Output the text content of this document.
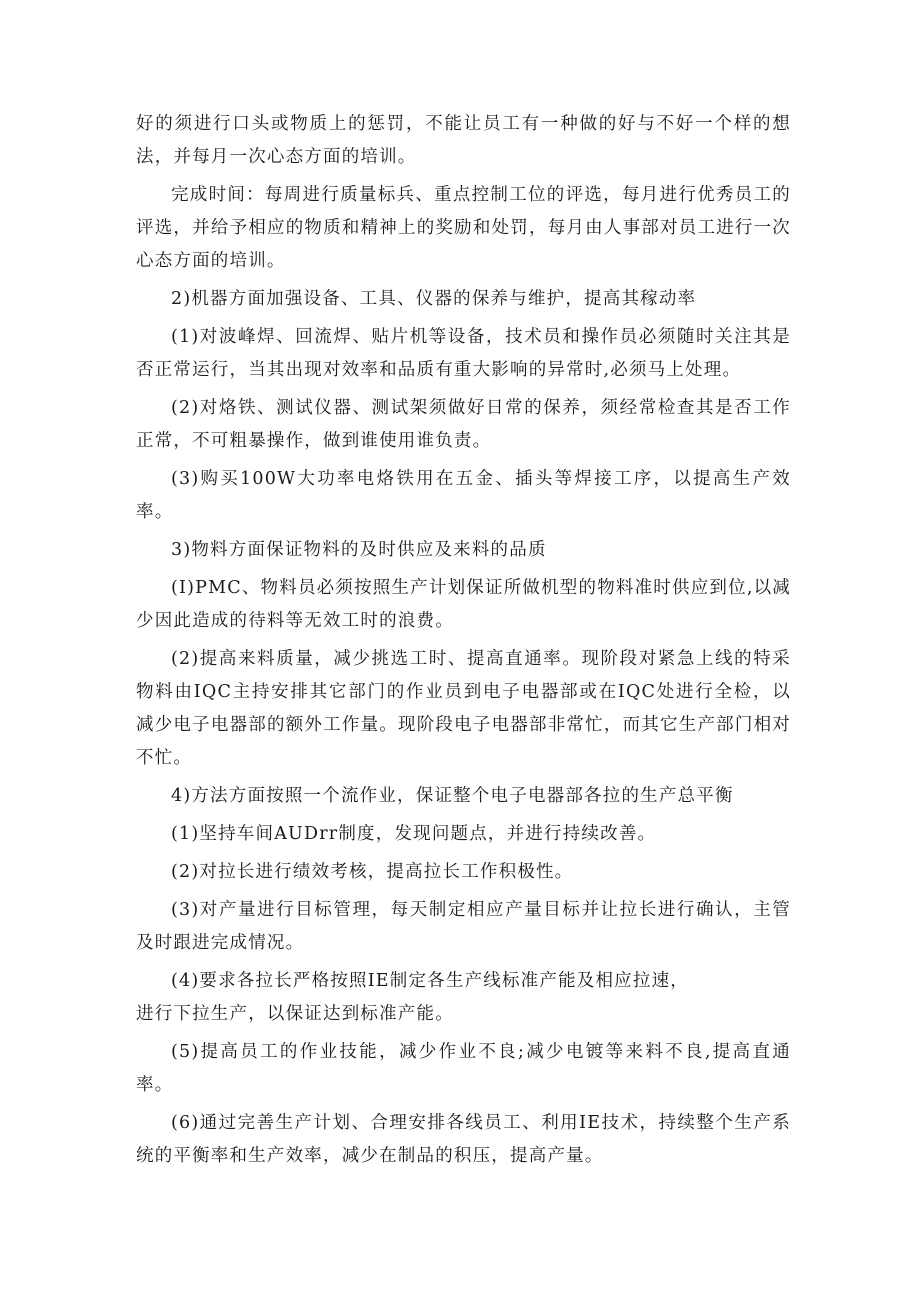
好的须进行口头或物质上的惩罚，不能让员工有一种做的好与不好一个样的想法，并每月一次心态方面的培训。

完成时间：每周进行质量标兵、重点控制工位的评选，每月进行优秀员工的评选，并给予相应的物质和精神上的奖励和处罚，每月由人事部对员工进行一次心态方面的培训。

2)机器方面加强设备、工具、仪器的保养与维护，提高其稼动率

(1)对波峰焊、回流焊、贴片机等设备，技术员和操作员必须随时关注其是否正常运行，当其出现对效率和品质有重大影响的异常时,必须马上处理。

(2)对烙铁、测试仪器、测试架须做好日常的保养，须经常检查其是否工作正常，不可粗暴操作，做到谁使用谁负责。

(3)购买100W大功率电烙铁用在五金、插头等焊接工序，以提高生产效率。

3)物料方面保证物料的及时供应及来料的品质

(I)PMC、物料员必须按照生产计划保证所做机型的物料准时供应到位,以减少因此造成的待料等无效工时的浪费。

(2)提高来料质量，减少挑选工时、提高直通率。现阶段对紧急上线的特采物料由IQC主持安排其它部门的作业员到电子电器部或在IQC处进行全检，以减少电子电器部的额外工作量。现阶段电子电器部非常忙，而其它生产部门相对不忙。

4)方法方面按照一个流作业，保证整个电子电器部各拉的生产总平衡

(1)坚持车间AUDrr制度，发现问题点，并进行持续改善。

(2)对拉长进行绩效考核，提高拉长工作积极性。

(3)对产量进行目标管理，每天制定相应产量目标并让拉长进行确认，主管及时跟进完成情况。

(4)要求各拉长严格按照IE制定各生产线标准产能及相应拉速，

进行下拉生产，以保证达到标准产能。

(5)提高员工的作业技能，减少作业不良;减少电镀等来料不良,提高直通率。

(6)通过完善生产计划、合理安排各线员工、利用IE技术，持续整个生产系统的平衡率和生产效率，减少在制品的积压，提高产量。
